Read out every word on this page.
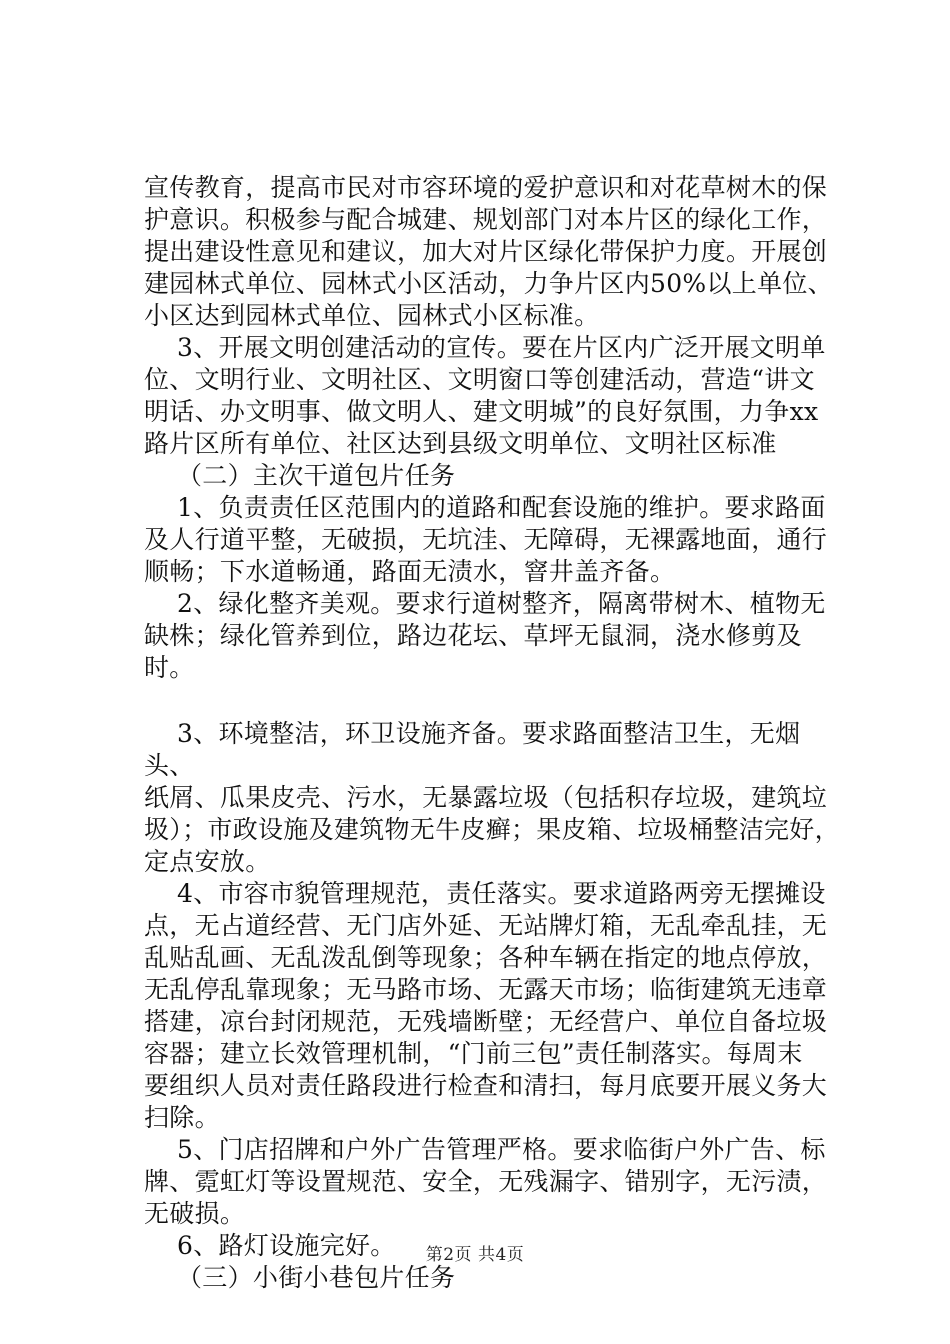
宣传教育，提高市民对市容环境的爱护意识和对花草树木的保

护意识。积极参与配合城建、规划部门对本片区的绿化工作，

提出建设性意见和建议，加大对片区绿化带保护力度。开展创

建园林式单位、园林式小区活动，力争片区内50%以上单位、

小区达到园林式单位、园林式小区标准。

3、开展文明创建活动的宣传。要在片区内广泛开展文明单

位、文明行业、文明社区、文明窗口等创建活动，营造“讲文

明话、办文明事、做文明人、建文明城”的良好氛围，力争xx

路片区所有单位、社区达到县级文明单位、文明社区标准

（二）主次干道包片任务

1、负责责任区范围内的道路和配套设施的维护。要求路面

及人行道平整，无破损，无坑洼、无障碍，无裸露地面，通行

顺畅；下水道畅通，路面无渍水，窨井盖齐备。

2、绿化整齐美观。要求行道树整齐，隔离带树木、植物无

缺株；绿化管养到位，路边花坛、草坪无鼠洞，浇水修剪及时。

3、环境整洁，环卫设施齐备。要求路面整洁卫生，无烟头、

纸屑、瓜果皮壳、污水，无暴露垃圾（包括积存垃圾，建筑垃

圾）；市政设施及建筑物无牛皮癣；果皮箱、垃圾桶整洁完好，

定点安放。

4、市容市貌管理规范，责任落实。要求道路两旁无摆摊设

点，无占道经营、无门店外延、无站牌灯箱，无乱牵乱挂，无

乱贴乱画、无乱泼乱倒等现象；各种车辆在指定的地点停放，

无乱停乱靠现象；无马路市场、无露天市场；临街建筑无违章

搭建，凉台封闭规范，无残墙断壁；无经营户、单位自备垃圾

容器；建立长效管理机制，“门前三包”责任制落实。每周末

要组织人员对责任路段进行检查和清扫，每月底要开展义务大

扫除。

5、门店招牌和户外广告管理严格。要求临街户外广告、标

牌、霓虹灯等设置规范、安全，无残漏字、错别字，无污渍，

无破损。

6、路灯设施完好。

（三）小街小巷包片任务

第2页 共4页
